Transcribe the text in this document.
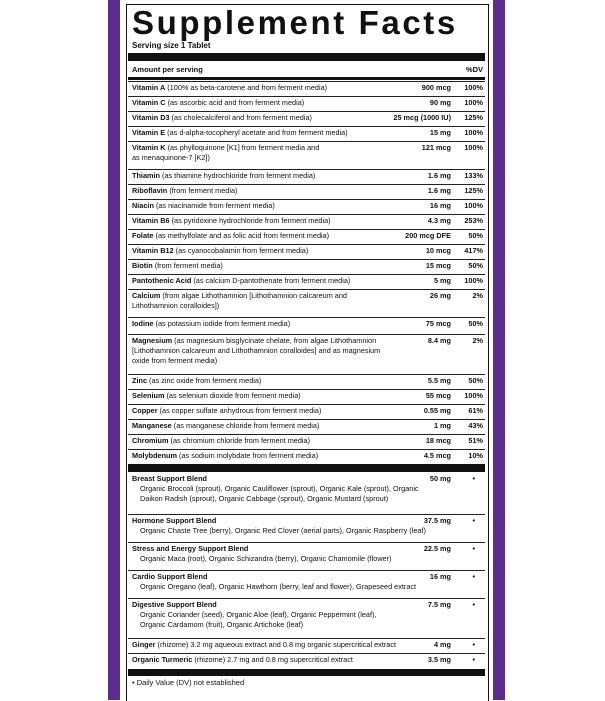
Supplement Facts
Serving size 1 Tablet
Amount per serving	%DV
Vitamin A (100% as beta-carotene and from ferment media)	900 mcg 100%
Vitamin C (as ascorbic acid and from ferment media)	90 mg 100%
Vitamin D3 (as cholecalciferol and from ferment media)	25 mcg (1000 IU) 125%
Vitamin E (as d-alpha-tocopheryl acetate and from ferment media)	15 mg 100%
Vitamin K (as phylloquinone [K1] from ferment media and as menaquinone-7 [K2])
121 mcg 100%
Thiamin (as thiamine hydrochloride from ferment media)	1.6 mg 133%
Riboflavin (from ferment media)	1.6 mg 125%
Niacin (as niacinamide from ferment media)	16 mg 100%
Vitamin B6 (as pyridoxine hydrochloride from ferment media)	4.3 mg 253%
Folate (as methylfolate and as folic acid from ferment media)	200 mcg DFE 50%
Vitamin B12 (as cyanocobalamin from ferment media)	10 mcg 417%
Biotin (from ferment media)	15 mcg 50%
Pantothenic Acid (as calcium D-pantothenate from ferment media)	5 mg 100%
Calcium (from algae Lithothamnion [Lithothamnion calcareum and Lithothamnion coralloides])
26 mg	2%
Iodine (as potassium iodide from ferment media)	75 mcg 50%
Magnesium (as magnesium bisglycinate chelate, from algae Lithothamnion [Lithothamnion calcareum and Lithothamnion coralloides] and as magnesium oxide from ferment media)
8.4 mg	2%
Zinc (as zinc oxide from ferment media)	5.5 mg 50%
Selenium (as selenium dioxide from ferment media)	55 mcg 100%
Copper (as copper sulfate anhydrous from ferment media)	0.55 mg 61%
Manganese (as manganese chloride from ferment media)	1 mg 43%
Chromium (as chromium chloride from ferment media)	18 mcg 51%
Molybdenum (as sodium molybdate from ferment media)	4.5 mcg 10%
Breast Support Blend
Organic Broccoli (sprout), Organic Cauliflower (sprout), Organic Kale (sprout), Organic Daikon Radish (sprout), Organic Cabbage (sprout), Organic Mustard (sprout)
50 mg	•
Hormone Support Blend
Organic Chaste Tree (berry), Organic Red Clover (aerial parts), Organic Raspberry (leaf)
37.5 mg	•
Stress and Energy Support Blend
Organic Maca (root), Organic Schizandra (berry), Organic Chamomile (flower)
22.5 mg	•
Cardio Support Blend
Organic Oregano (leaf), Organic Hawthorn (berry, leaf and flower), Grapeseed extract
16 mg	•
Digestive Support Blend
Organic Coriander (seed), Organic Aloe (leaf), Organic Peppermint (leaf), Organic Cardamom (fruit), Organic Artichoke (leaf)
7.5 mg	•
Ginger (rhizome) 3.2 mg aqueous extract and 0.8 mg organic supercritical extract	4 mg	•
Organic Turmeric (rhizome) 2.7 mg and 0.8 mg supercritical extract	3.5 mg	•
• Daily Value (DV) not established
